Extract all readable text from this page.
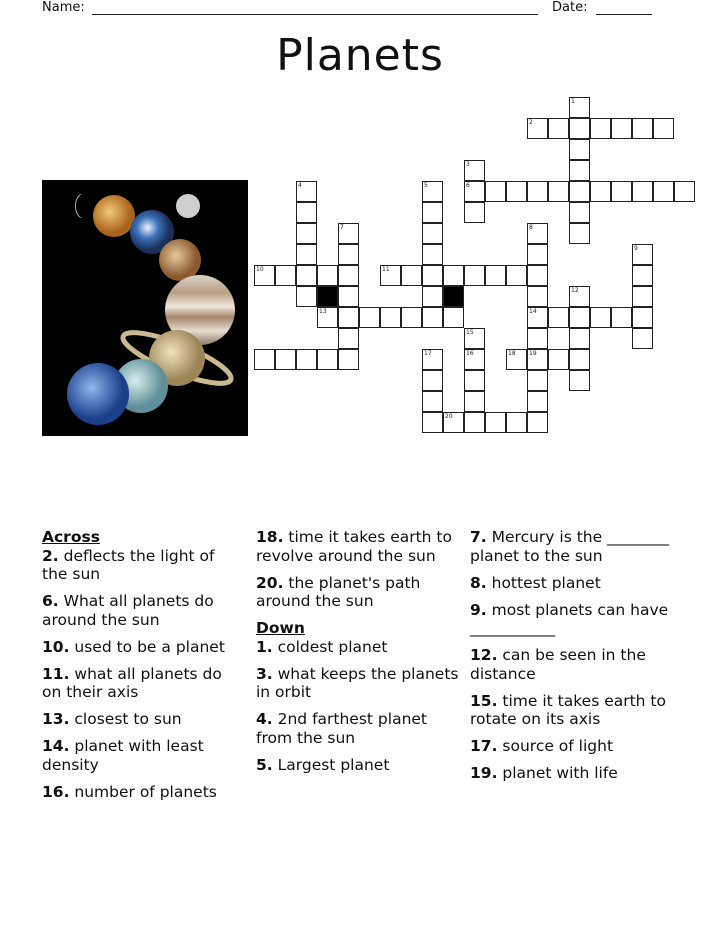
Name:	Date:
Planets
1
2
3
4	5	6
7	8
9
10	11
12
13	14
15
16
17	18 19
20
Across
2. deflects the light of the sun
6. What all planets do around the sun
10. used to be a planet
11. what all planets do on their axis
13. closest to sun
14. planet with least density
16. number of planets
18. time it takes earth to revolve around the sun
20. the planet's path around the sun
Down
1. coldest planet
3. what keeps the planets in orbit
4. 2nd farthest planet from the sun
5. Largest planet
7. Mercury is the ________ planet to the sun
8. hottest planet
9. most planets can have ___________
12. can be seen in the distance
15. time it takes earth to rotate on its axis
17. source of light
19. planet with life
